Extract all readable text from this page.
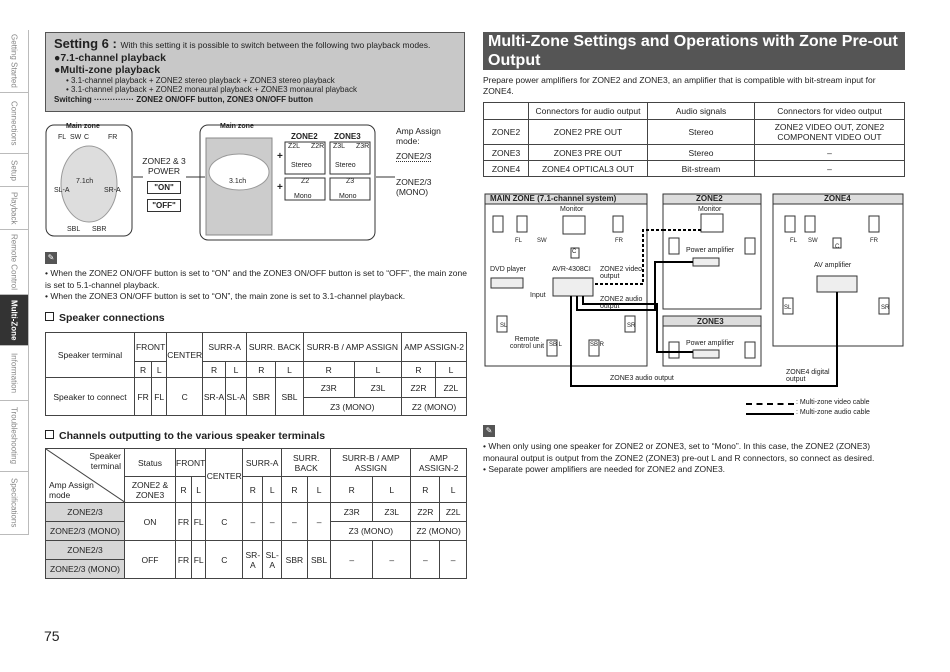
Getting Started
Connections
Setup
Playback
Remote Control
Multi-Zone
Information
Troubleshooting
Specifications
Setting 6 : With this setting it is possible to switch between the following two playback modes.
●7.1-channel playback
●Multi-zone playback
• 3.1-channel playback + ZONE2 stereo playback + ZONE3 stereo playback
• 3.1-channel playback + ZONE2 monaural playback + ZONE3 monaural playback
Switching ··············· ZONE2 ON/OFF button, ZONE3 ON/OFF button
Main zone
FL SW C	FR
7.1ch
SL-A	SR-A
SBL SBR
ZONE2 & 3 POWER
"ON"
"OFF"
Main zone
3.1ch
ZONE2 ZONE3
Z2L Z2R Z3L Z3R
Stereo	Stereo
Z2	Z3
Mono	Mono
+
+
Amp Assign mode:
ZONE2/3
ZONE2/3 (MONO)
✎
• When the ZONE2 ON/OFF button is set to “ON” and the ZONE3 ON/OFF button is set to “OFF”, the main zone is set to 5.1-channel playback.
• When the ZONE3 ON/OFF button is set to “ON”, the main zone is set to 3.1-channel playback.
Speaker connections
Speaker terminal	FRONT		CENTER	SURR-A		SURR. BACK		SURR-B / AMP ASSIGN		AMP ASSIGN-2	
	R	L		R	L	R	L	R	L	R	L
Speaker to connect	FR	FL	C	SR-A	SL-A	SBR	SBL	Z3R	Z3L	Z2R	Z2L
								Z3 (MONO)		Z2 (MONO)	
Channels outputting to the various speaker terminals
Speaker terminal
Amp Assign mode	Status	FRONT		CENTER	SURR-A		SURR. BACK		SURR-B / AMP ASSIGN		AMP ASSIGN-2	
	ZONE2 & ZONE3	R	L		R	L	R	L	R	L	R	L
ZONE2/3	ON	FR	FL	C	–	–	–	–	Z3R	Z3L	Z2R	Z2L
ZONE2/3 (MONO)									Z3 (MONO)		Z2 (MONO)	
ZONE2/3	OFF	FR	FL	C	SR-A	SL-A	SBR	SBL	–	–	–	–
ZONE2/3 (MONO)												
75
Multi-Zone Settings and Operations with Zone Pre-out Output
Prepare power amplifiers for ZONE2 and ZONE3, an amplifier that is compatible with bit-stream input for ZONE4.
	Connectors for audio output	Audio signals	Connectors for video output
ZONE2	ZONE2 PRE OUT	Stereo	ZONE2 VIDEO OUT, ZONE2 COMPONENT VIDEO OUT
ZONE3	ZONE3 PRE OUT	Stereo	–
ZONE4	ZONE4 OPTICAL3 OUT	Bit-stream	–
MAIN ZONE (7.1-channel system)	ZONE2
ZONE3
ZONE4
Monitor	Monitor
FL SW
C
FR
DVD player	AVR-4308CI ZONE2 video output
ZONE2 audio output
Input
Remote control unit
SL	SR
SB L	SB R
Power amplifier
Power amplifier
AV amplifier
FL SW
C
FR
SL	SR
ZONE3 audio output
ZONE4 digital output
: Multi-zone video cable
: Multi-zone audio cable
✎
• When only using one speaker for ZONE2 or ZONE3, set to “Mono”. In this case, the ZONE2 (ZONE3) monaural output is output from the ZONE2 (ZONE3) pre-out L and R connectors, so connect as desired.
• Separate power amplifiers are needed for ZONE2 and ZONE3.
